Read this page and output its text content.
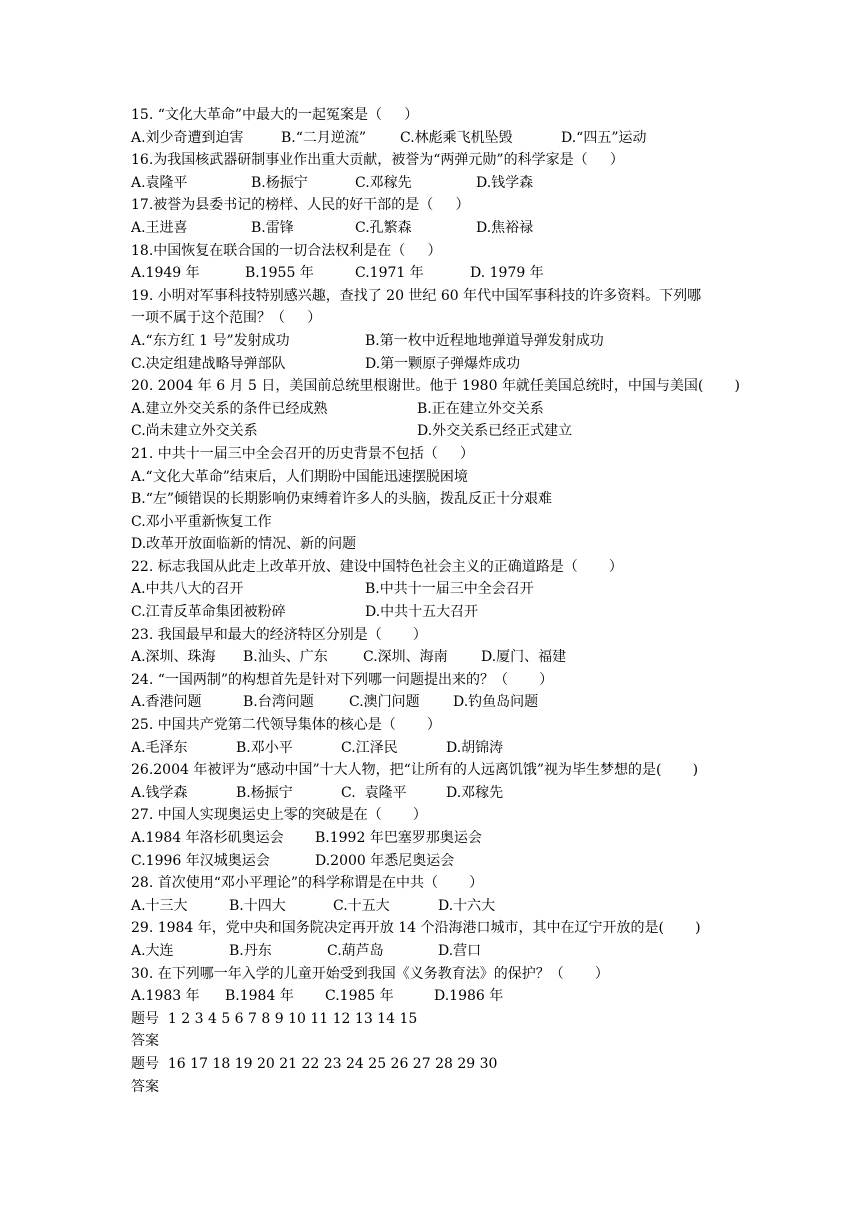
15. “文化大革命”中最大的一起冤案是（     ）

A.刘少奇遭到迫害

	B.“二月逆流”

C.林彪乘飞机坠毁

	D.“四五”运动

16.为我国核武器研制事业作出重大贡献，被誉为“两弹元勋”的科学家是（     ）

A.袁隆平

	B.杨振宁

	C.邓稼先

	D.钱学森

17.被誉为县委书记的榜样、人民的好干部的是（     ）

A.王进喜

	B.雷锋

	C.孔繁森

	D.焦裕禄

18.中国恢复在联合国的一切合法权利是在（     ）

A.1949 年

	B.1955 年

	C.1971 年

	D. 1979 年

19. 小明对军事科技特别感兴趣，查找了 20 世纪 60 年代中国军事科技的许多资料。下列哪
一项不属于这个范围？（     ）

A.“东方红 1 号”发射成功

	B.第一枚中近程地地弹道导弹发射成功

C.决定组建战略导弹部队

	D.第一颗原子弹爆炸成功

20. 2004 年 6 月 5 日，美国前总统里根谢世。他于 1980 年就任美国总统时，中国与美国(       )

A.建立外交关系的条件已经成熟

	B.正在建立外交关系

C.尚未建立外交关系

	D.外交关系已经正式建立

21. 中共十一届三中全会召开的历史背景不包括（     ）
A.“文化大革命”结束后，人们期盼中国能迅速摆脱困境
B.“左”倾错误的长期影响仍束缚着许多人的头脑，拨乱反正十分艰难
C.邓小平重新恢复工作
D.改革开放面临新的情况、新的问题
22. 标志我国从此走上改革开放、建设中国特色社会主义的正确道路是（       ）

A.中共八大的召开

	B.中共十一届三中全会召开

C.江青反革命集团被粉碎

	D.中共十五大召开

23. 我国最早和最大的经济特区分别是（       ）

A.深圳、珠海

B.汕头、广东

	C.深圳、海南

D.厦门、福建

24. “一国两制”的构想首先是针对下列哪一问题提出来的？（       ）

A.香港问题

	B.台湾问题

	C.澳门问题

D.钓鱼岛问题

25. 中国共产党第二代领导集体的核心是（       ）

A.毛泽东

	B.邓小平

	C.江泽民

	D.胡锦涛

26.2004 年被评为“感动中国”十大人物，把“让所有的人远离饥饿”视为毕生梦想的是(       )

A.钱学森

	B.杨振宁

	C.  袁隆平

	D.邓稼先

27. 中国人实现奥运史上零的突破是在（       ）

A.1984 年洛杉矶奥运会

B.1992 年巴塞罗那奥运会

C.1996 年汉城奥运会

	D.2000 年悉尼奥运会

28. 首次使用“邓小平理论”的科学称谓是在中共（       ）

A.十三大

	B.十四大

	C.十五大

	D.十六大

29. 1984 年，党中央和国务院决定再开放 14 个沿海港口城市，其中在辽宁开放的是(       )

A.大连

	B.丹东

	C.葫芦岛

	D.营口

30. 在下列哪一年入学的儿童开始受到我国《义务教育法》的保护？（       ）

A.1983 年

B.1984 年

C.1985 年

	D.1986 年

题号  1 2 3 4 5 6 7 8 9 10 11 12 13 14 15
答案
题号  16 17 18 19 20 21 22 23 24 25 26 27 28 29 30
答案
